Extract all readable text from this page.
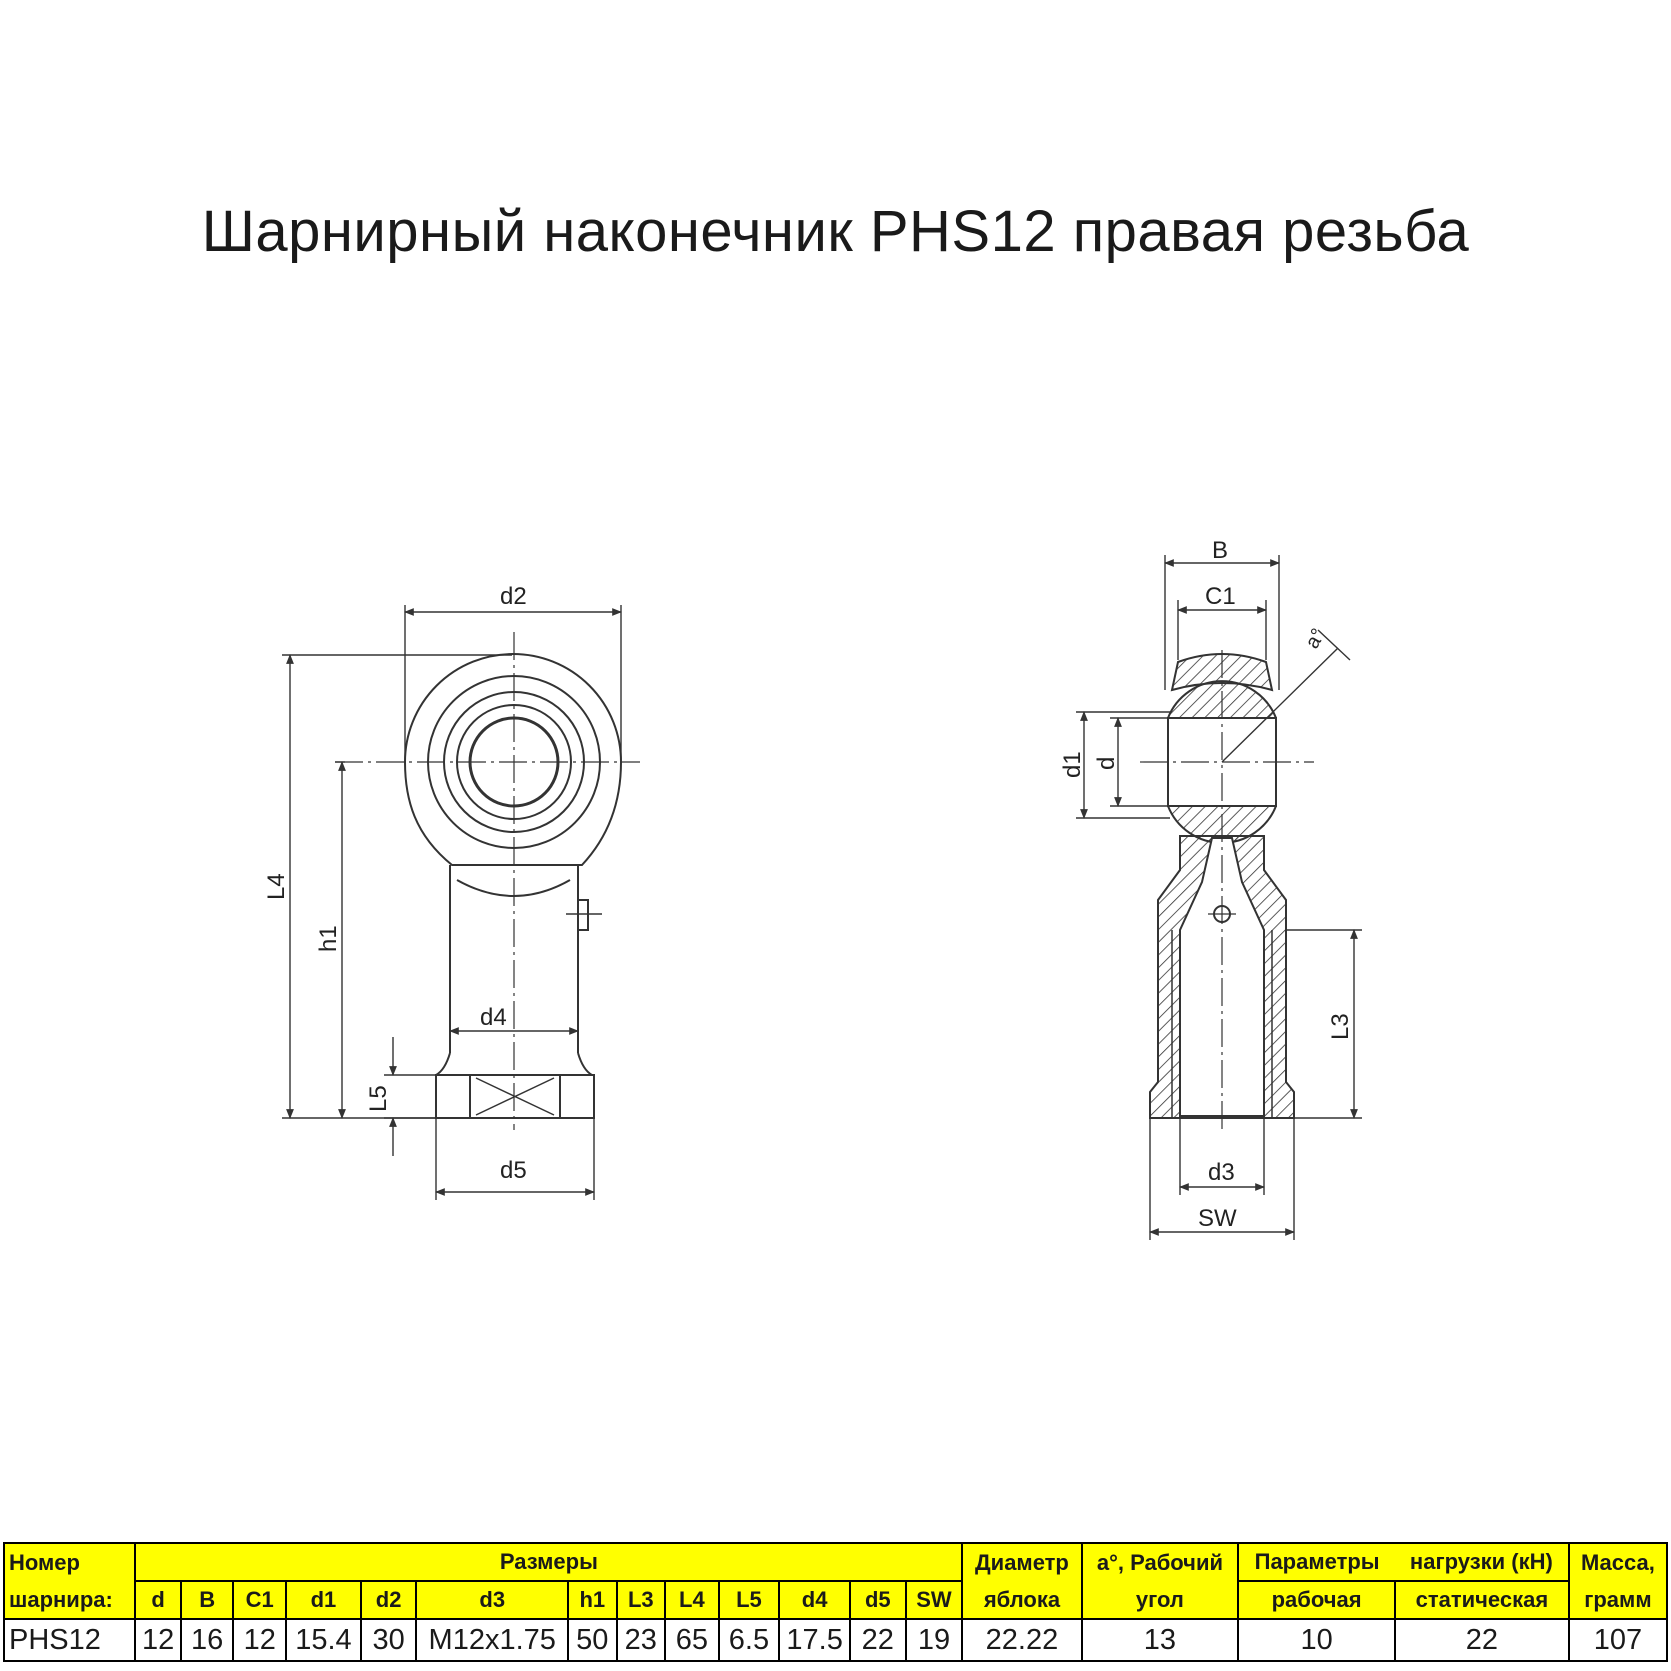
Шарнирный наконечник PHS12 правая резьба
d2
L4
h1
d4
L5
d5
B
C1
a°
d1 d
L3
d3
SW
Номер	Размеры													Диаметр	a°, Рабочий	Параметры	нагрузки (кН)	Масса,
шарнира:	d	B	C1	d1	d2	d3	h1	L3	L4	L5	d4	d5	SW	яблока	угол	рабочая	статическая	грамм
PHS12	12	16	12	15.4	30	M12x1.75	50	23	65	6.5	17.5	22	19	22.22	13	10	22	107
